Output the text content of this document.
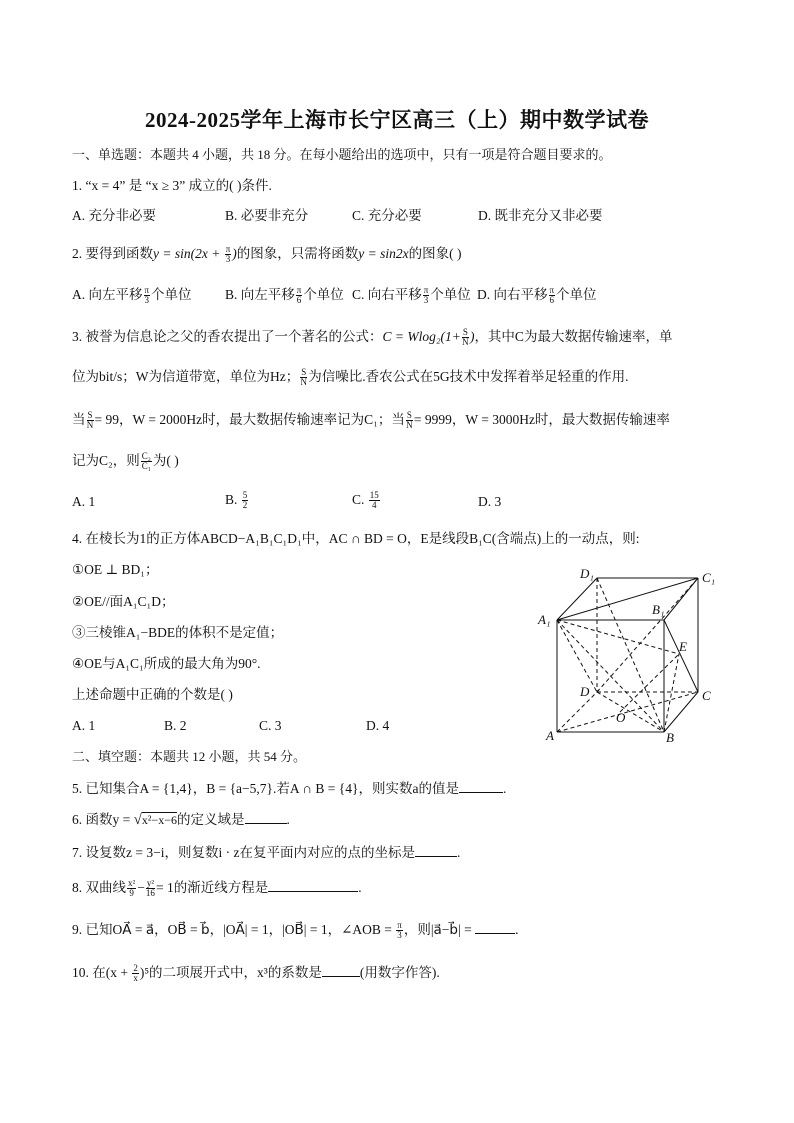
2024-2025学年上海市长宁区高三（上）期中数学试卷
一、单选题：本题共 4 小题，共 18 分。在每小题给出的选项中，只有一项是符合题目要求的。
1. “x = 4” 是 “x ≥ 3” 成立的( )条件.
A. 充分非必要	B. 必要非充分	C. 充分必要	D. 既非充分又非必要
2. 要得到函数$y = \sin(2x + \frac{\pi}{3}$ )的图象，只需将函数y = sin2x的图象( )
A. 向左平移 $\frac{\pi}{3}$ 个单位 B. 向左平移 $\frac{\pi}{6}$ 个单位 C. 向右平移 $\frac{\pi}{3}$ 个单位 D. 向右平移 $\frac{\pi}{6}$ 个单位
3. 被誉为信息论之父的香农提出了一个著名的公式：$C = Wlog_2(1+ \frac{S}{N}$ )，其中C为最大数据传输速率，单
位为bit/s；W为信道带宽，单位为Hz； $\frac{S}{N}$ 为信噪比.香农公式在5G技术中发挥着举足轻重的作用.
当 $\frac{S}{N} = 99$，W = 2000Hz时，最大数据传输速率记为C₁；当 $\frac{S}{N} = 9999$，W = 3000Hz时，最大数据传输速率
记为C₂，则 $\frac{\text{C₂}}{\text{C₁}}$ 为( )
A. 1	B. $\frac{5}{2}$	C. $\frac{15}{4}$	D. 3
4. 在棱长为1的正方体ABCD−A₁B₁C₁D₁中，AC ∩ BD = O，E是线段B₁C(含端点)上的一动点，则:
①OE ⊥ BD₁；
②OE//面A₁C₁D；
③三棱锥A₁−BDE的体积不是定值；
④OE与A₁C₁所成的最大角为90°.
上述命题中正确的个数是( )
A. 1	B. 2	C. 3	D. 4
D₁	C₁
A₁
B₁
E
D	C
O
A	B
二、填空题：本题共 12 小题，共 54 分。
5. 已知集合A = {1,4}，B = {a−5,7}.若A ∩ B = {4}，则实数a的值是	.
6. 函数y = √x²−x−6的定义域是	.
7. 设复数z = 3−i，则复数i · z在复平面内对应的点的坐标是	.
8. 双曲线 $\frac{\text{x²}}{9} - \frac{\text{y²}}{16} = 1$的渐近线方程是	.
9. 已知OA⃗ = a⃗，OB⃗ = b⃗，|OA⃗| = 1，|OB⃗| = 1，∠AOB = $\frac{\pi}{3}$ ，则|a⃗−b⃗| =	.
10. 在$(x + \frac{2}{x} )^5$的二项展开式中，x³的系数是	(用数字作答).
